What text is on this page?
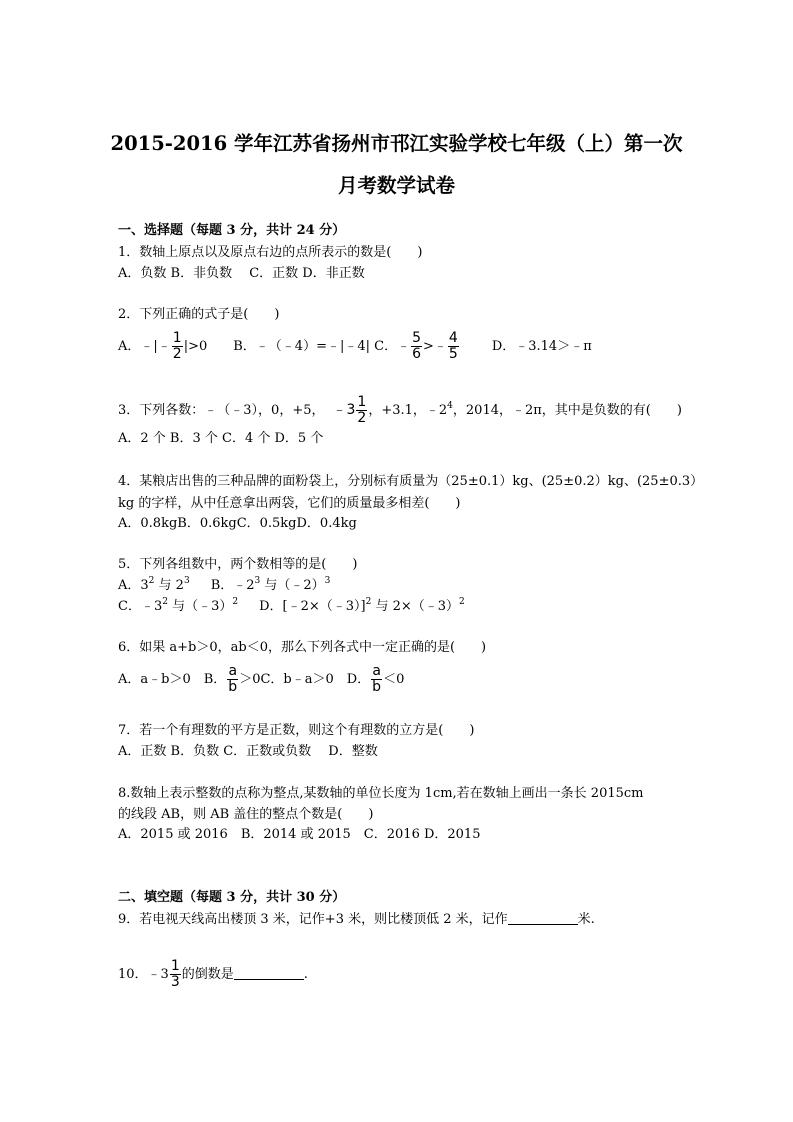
2015-2016 学年江苏省扬州市邗江实验学校七年级（上）第一次
月考数学试卷
一、选择题（每题 3 分，共计 24 分）
1．数轴上原点以及原点右边的点所表示的数是(　　)
A．负数 B．非负数　 C．正数 D．非正数
2．下列正确的式子是(　　)
A．﹣|﹣ $\frac{1}{2} |>0$　　B．﹣（﹣4）=﹣|﹣4| C．﹣ $\frac{5}{6}$ >﹣ $\frac{4}{5}$	D．﹣3.14＞﹣π
3．下列各数：﹣（﹣3），0，+5， ﹣3 $\frac{1}{2}$ ，+3.1，$﹣2^4$，2014，﹣2π，其中是负数的有(　　)
A．2 个 B．3 个 C．4 个 D．5 个
4．某粮店出售的三种品牌的面粉袋上，分别标有质量为（25±0.1）kg、(25±0.2）kg、(25±0.3）
kg 的字样，从中任意拿出两袋，它们的质量最多相差(　　)
A．0.8kgB．0.6kgC．0.5kgD．0.4kg
5．下列各组数中，两个数相等的是(　　)
A．$3^2$ 与 $2^3$　B．$﹣2^3$ 与（﹣2）$^3$
C．$﹣3^2$ 与（﹣3）$^2$　D．[﹣2×（﹣3）]$^2$ 与 2×（﹣3）$^2$
6．如果 a+b＞0，ab＜0，那么下列各式中一定正确的是(　　)
A．a﹣b＞0　B． $\frac{a}{b} >0C$．b﹣a＞0　D． $\frac{a}{b} <0$
7．若一个有理数的平方是正数，则这个有理数的立方是(　　)
A．正数 B．负数 C．正数或负数　 D．整数
8.数轴上表示整数的点称为整点,某数轴的单位长度为 1cm,若在数轴上画出一条长 2015cm
的线段 AB，则 AB 盖住的整点个数是(　　)
A．2015 或 2016　B．2014 或 2015　C．2016 D．2015
二、填空题（每题 3 分，共计 30 分）
9．若电视天线高出楼顶 3 米，记作+3 米，则比楼顶低 2 米，记作	米.
10．﹣3 $\frac{1}{3}$ 的倒数是	.
